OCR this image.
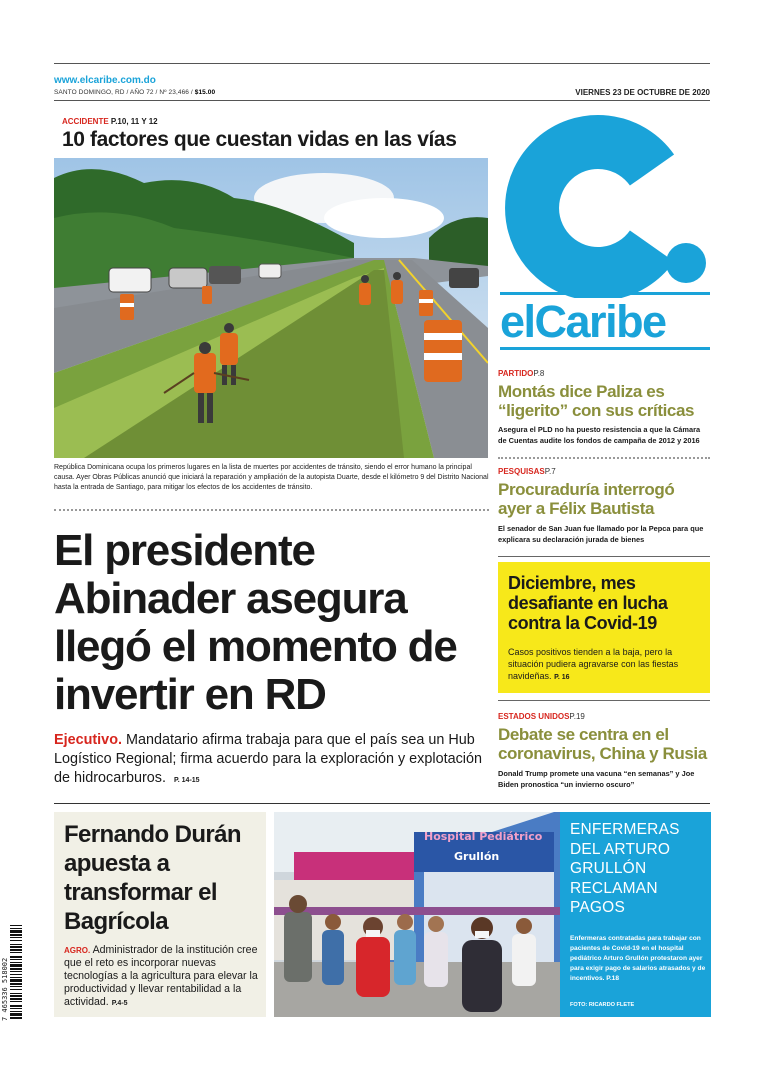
www.elcaribe.com.do
SANTO DOMINGO, RD / AÑO 72 / Nº 23,466 / $15.00	VIERNES 23 DE OCTUBRE DE 2020
ACCIDENTE P.10, 11 Y 12
10 factores que cuestan vidas en las vías
República Dominicana ocupa los primeros lugares en la lista de muertes por accidentes de tránsito, siendo el error humano la principal causa. Ayer Obras Públicas anunció que iniciará la reparación y ampliación de la autopista Duarte, desde el kilómetro 9 del Distrito Nacional hasta la entrada de Santiago, para mitigar los efectos de los accidentes de tránsito.
elCaribe
PARTIDOP.8
Montás dice Paliza es “ligerito” con sus críticas
Asegura el PLD no ha puesto resistencia a que la Cámara de Cuentas audite los fondos de campaña de 2012 y 2016
PESQUISASP.7
Procuraduría interrogó ayer a Félix Bautista
El senador de San Juan fue llamado por la Pepca para que explicara su declaración jurada de bienes
Diciembre, mes desafiante en lucha contra la Covid-19
Casos positivos tienden a la baja, pero la situación pudiera agravarse con las fiestas navideñas. P. 16
ESTADOS UNIDOSP.19
Debate se centra en el coronavirus, China y Rusia
Donald Trump promete una vacuna “en semanas” y Joe Biden pronostica “un invierno oscuro”
El presidente Abinader asegura llegó el momento de invertir en RD
Ejecutivo. Mandatario afirma trabaja para que el país sea un Hub Logístico Regional; firma acuerdo para la exploración y explotación de hidrocarburos. P. 14-15
Fernando Durán apuesta a transformar el Bagrícola
AGRO. Administrador de la institución cree que el reto es incorporar nuevas tecnologías a la agricultura para elevar la productividad y llevar rentabilidad a la actividad. P.4-5
Hospital Pediátrico
Grullón
ENFERMERAS DEL ARTURO GRULLÓN RECLAMAN PAGOS
Enfermeras contratadas para trabajar con pacientes de Covid-19 en el hospital pediátrico Arturo Grullón protestaron ayer para exigir pago de salarios atrasados y de incentivos. P.18
FOTO: RICARDO FLETE
7 465336 518002
